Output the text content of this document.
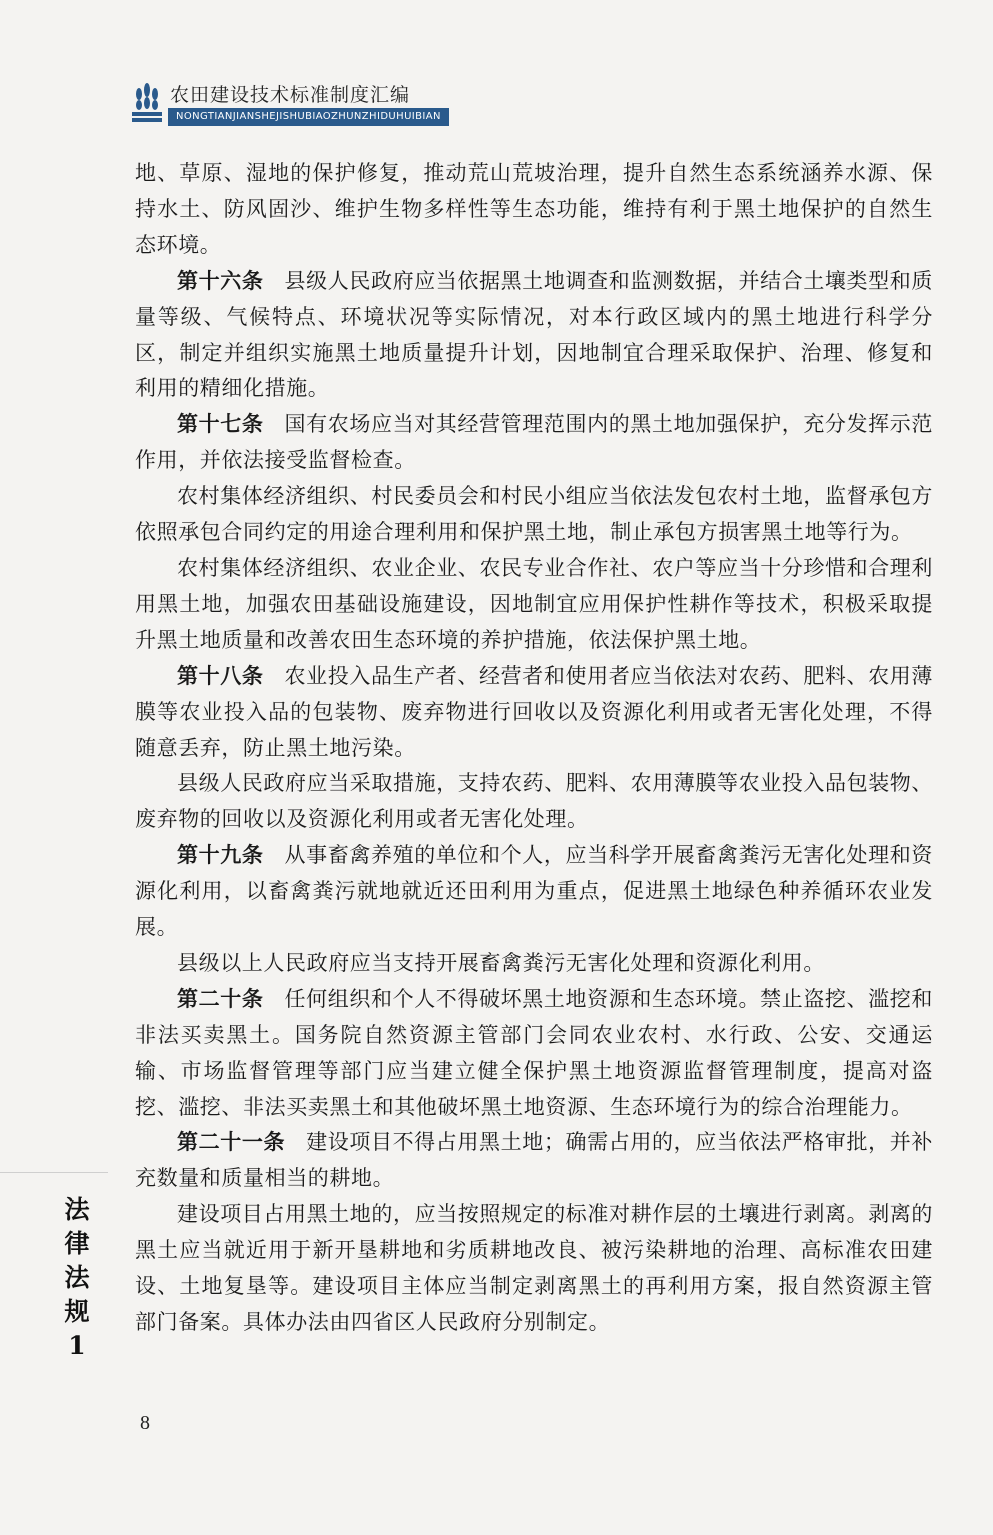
农田建设技术标准制度汇编
NONGTIANJIANSHEJISHUBIAOZHUNZHIDUHUIBIAN

地、草原、湿地的保护修复，推动荒山荒坡治理，提升自然生态系统涵养水源、保持水土、防风固沙、维护生物多样性等生态功能，维持有利于黑土地保护的自然生态环境。

第十六条 县级人民政府应当依据黑土地调查和监测数据，并结合土壤类型和质量等级、气候特点、环境状况等实际情况，对本行政区域内的黑土地进行科学分区，制定并组织实施黑土地质量提升计划，因地制宜合理采取保护、治理、修复和利用的精细化措施。

第十七条 国有农场应当对其经营管理范围内的黑土地加强保护，充分发挥示范作用，并依法接受监督检查。

农村集体经济组织、村民委员会和村民小组应当依法发包农村土地，监督承包方依照承包合同约定的用途合理利用和保护黑土地，制止承包方损害黑土地等行为。

农村集体经济组织、农业企业、农民专业合作社、农户等应当十分珍惜和合理利用黑土地，加强农田基础设施建设，因地制宜应用保护性耕作等技术，积极采取提升黑土地质量和改善农田生态环境的养护措施，依法保护黑土地。

第十八条 农业投入品生产者、经营者和使用者应当依法对农药、肥料、农用薄膜等农业投入品的包装物、废弃物进行回收以及资源化利用或者无害化处理，不得随意丢弃，防止黑土地污染。

县级人民政府应当采取措施，支持农药、肥料、农用薄膜等农业投入品包装物、废弃物的回收以及资源化利用或者无害化处理。

第十九条 从事畜禽养殖的单位和个人，应当科学开展畜禽粪污无害化处理和资源化利用，以畜禽粪污就地就近还田利用为重点，促进黑土地绿色种养循环农业发展。

县级以上人民政府应当支持开展畜禽粪污无害化处理和资源化利用。

第二十条 任何组织和个人不得破坏黑土地资源和生态环境。禁止盗挖、滥挖和非法买卖黑土。国务院自然资源主管部门会同农业农村、水行政、公安、交通运输、市场监督管理等部门应当建立健全保护黑土地资源监督管理制度，提高对盗挖、滥挖、非法买卖黑土和其他破坏黑土地资源、生态环境行为的综合治理能力。

第二十一条 建设项目不得占用黑土地；确需占用的，应当依法严格审批，并补充数量和质量相当的耕地。

建设项目占用黑土地的，应当按照规定的标准对耕作层的土壤进行剥离。剥离的黑土应当就近用于新开垦耕地和劣质耕地改良、被污染耕地的治理、高标准农田建设、土地复垦等。建设项目主体应当制定剥离黑土的再利用方案，报自然资源主管部门备案。具体办法由四省区人民政府分别制定。

法
律
法
规
1
8
